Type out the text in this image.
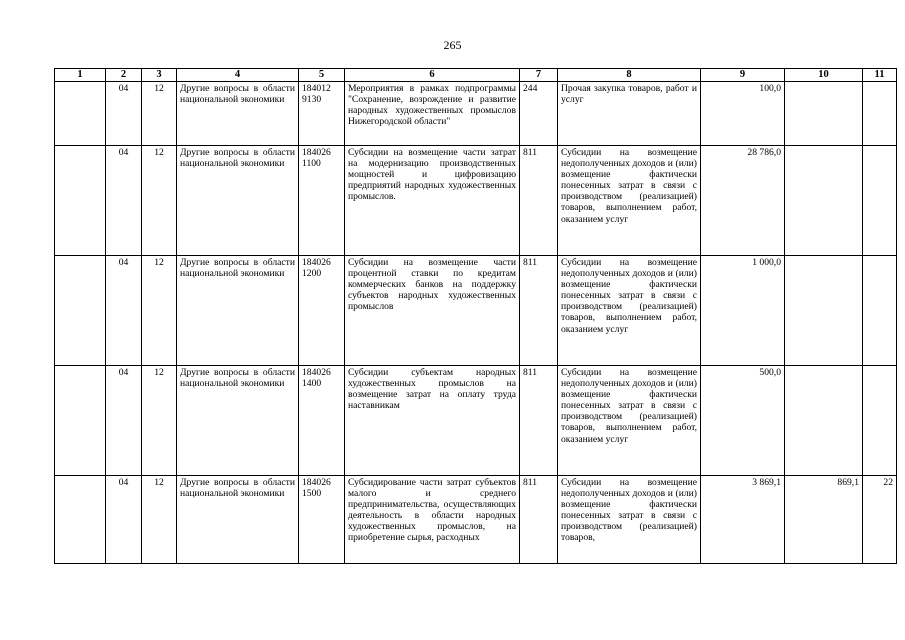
265
1	2	3	4	5	6	7	8	9	10	11
	04	12	Другие вопросы в области национальной экономики	184012 9130	Мероприятия в рамках подпрограммы "Сохранение, возрождение и развитие народных художественных промыслов Нижегородской области"	244	Прочая закупка товаров, работ и услуг	100,0		
	04	12	Другие вопросы в области национальной экономики	184026 1100	Субсидии на возмещение части затрат на модернизацию производственных мощностей и цифровизацию предприятий народных художественных промыслов.	811	Субсидии на возмещение недополученных доходов и (или) возмещение фактически понесенных затрат в связи с производством (реализацией) товаров, выполнением работ, оказанием услуг	28 786,0		
	04	12	Другие вопросы в области национальной экономики	184026 1200	Субсидии на возмещение части процентной ставки по кредитам коммерческих банков на поддержку субъектов народных художественных промыслов	811	Субсидии на возмещение недополученных доходов и (или) возмещение фактически понесенных затрат в связи с производством (реализацией) товаров, выполнением работ, оказанием услуг	1 000,0		
	04	12	Другие вопросы в области национальной экономики	184026 1400	Субсидии субъектам народных художественных промыслов на возмещение затрат на оплату труда наставникам	811	Субсидии на возмещение недополученных доходов и (или) возмещение фактически понесенных затрат в связи с производством (реализацией) товаров, выполнением работ, оказанием услуг	500,0		
	04	12	Другие вопросы в области национальной экономики	184026 1500	Субсидирование части затрат субъектов малого и среднего предпринимательства, осуществляющих деятельность в области народных художественных промыслов, на приобретение сырья, расходных	811	Субсидии на возмещение недополученных доходов и (или) возмещение фактически понесенных затрат в связи с производством (реализацией) товаров,	3 869,1	869,1	22
